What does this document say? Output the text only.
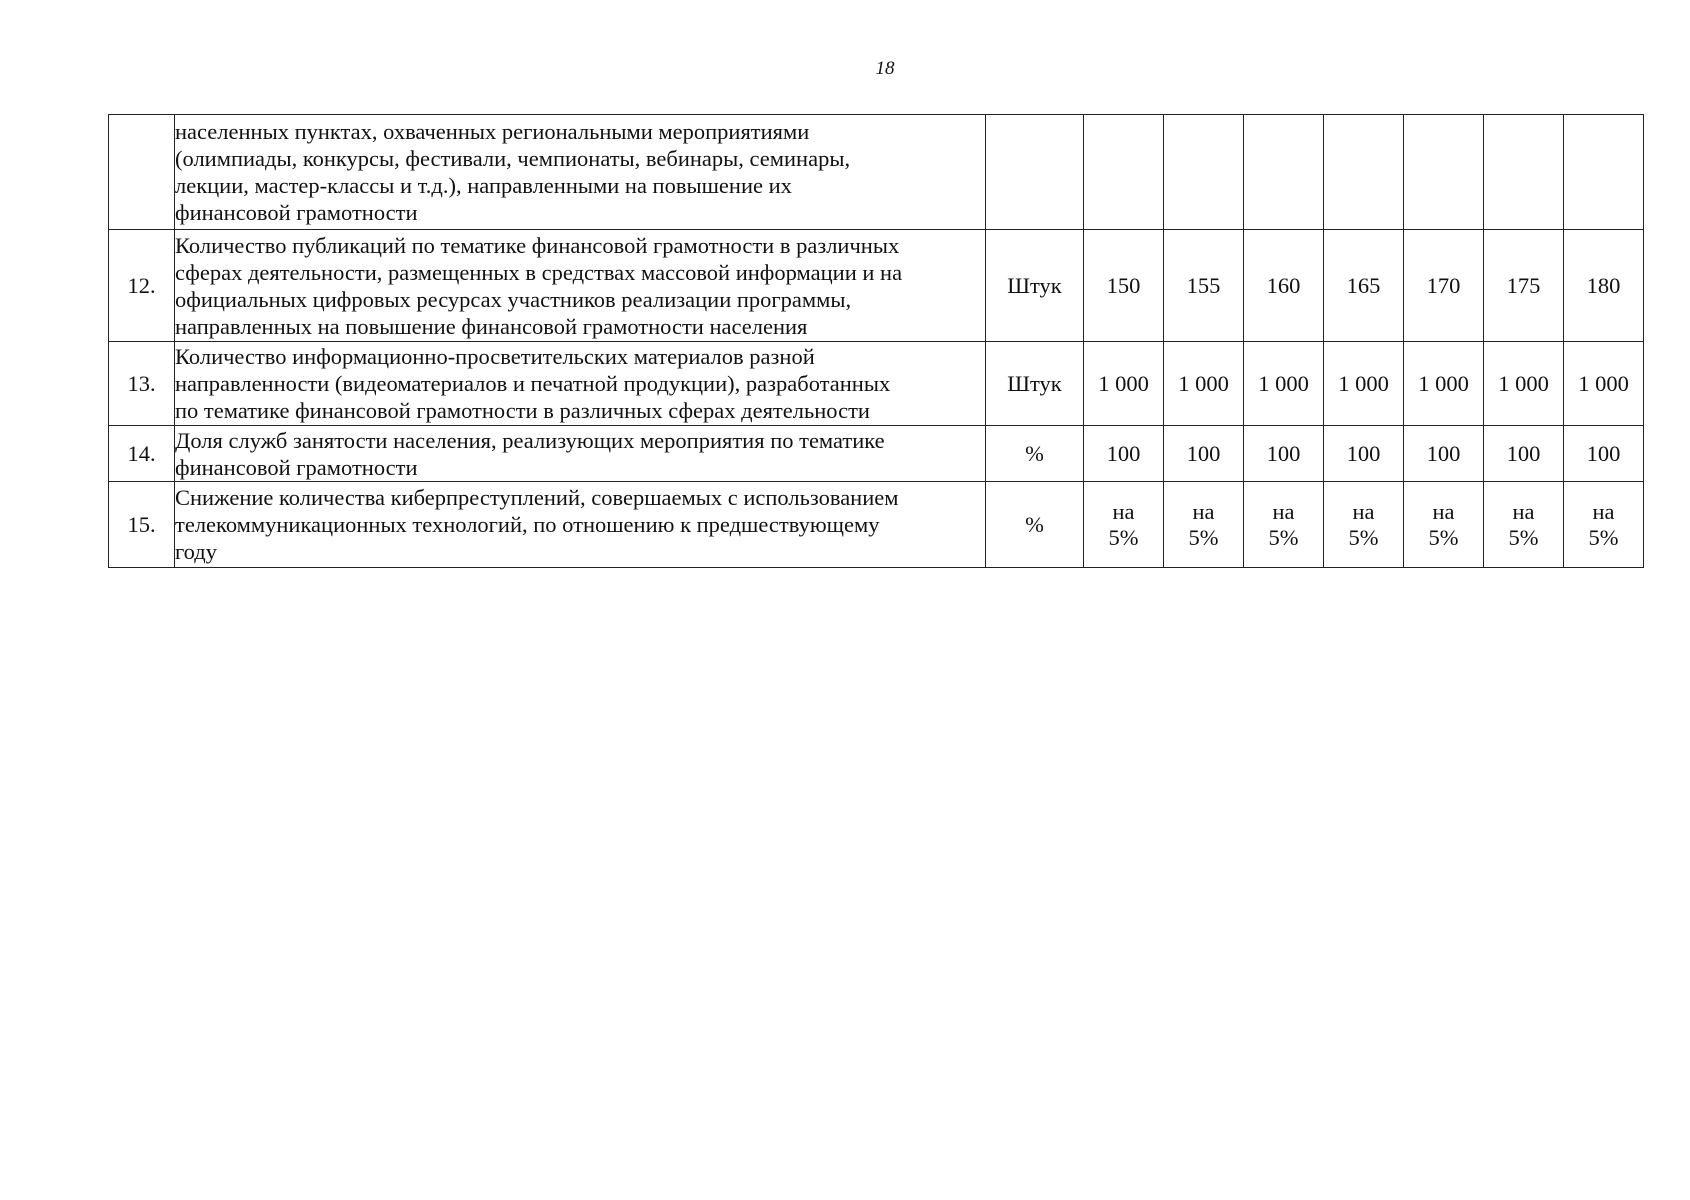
18

	населенных пунктах, охваченных региональными мероприятиями
(олимпиады, конкурсы, фестивали, чемпионаты, вебинары, семинары,
лекции, мастер-классы и т.д.), направленными на повышение их
финансовой грамотности								

12.	Количество публикаций по тематике финансовой грамотности в различных
сферах деятельности, размещенных в средствах массовой информации и на
официальных цифровых ресурсах участников реализации программы,
направленных на повышение финансовой грамотности населения	Штук	150	155	160	165	170	175	180
13.	Количество информационно-просветительских материалов разной
направленности (видеоматериалов и печатной продукции), разработанных
по тематике финансовой грамотности в различных сферах деятельности	Штук	1 000	1 000	1 000	1 000	1 000	1 000	1 000
14.	Доля служб занятости населения, реализующих мероприятия по тематике
финансовой грамотности	%	100	100	100	100	100	100	100
15.	Снижение количества киберпреступлений, совершаемых с использованием
телекоммуникационных технологий, по отношению к предшествующему
году	%	на
5%	на
5%	на
5%	на
5%	на
5%	на
5%	на
5%
